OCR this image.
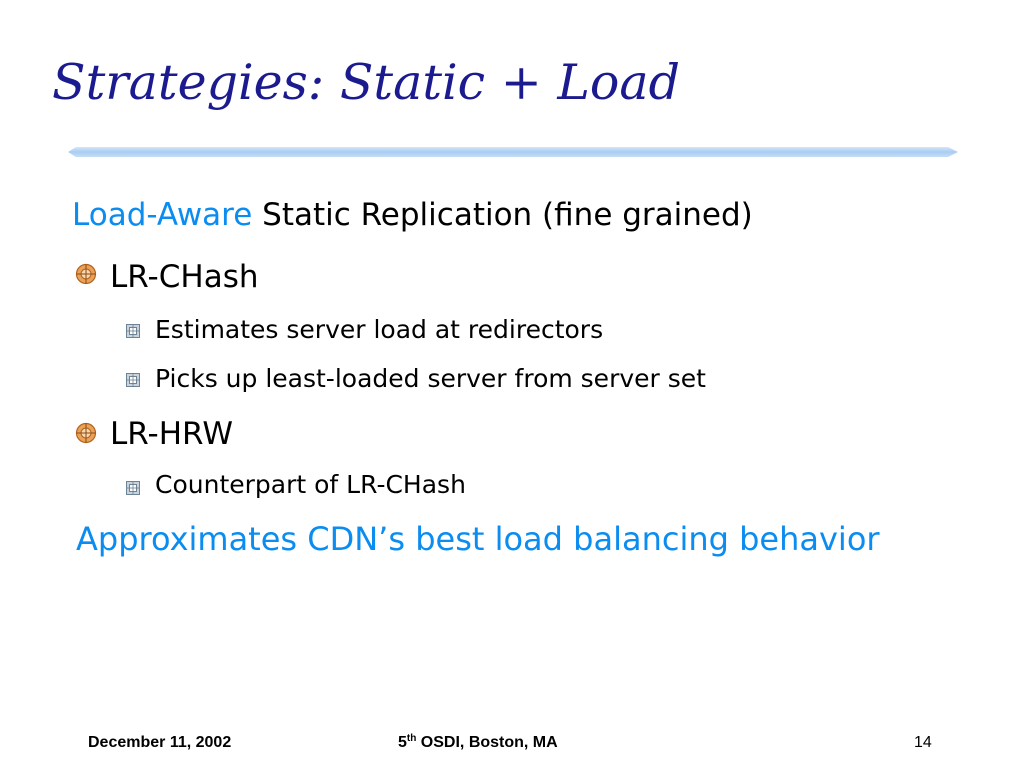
Strategies: Static + Load
Load-Aware Static Replication (fine grained)
LR-CHash
Estimates server load at redirectors
Picks up least-loaded server from server set
LR-HRW
Counterpart of LR-CHash
Approximates CDN’s best load balancing behavior
December 11, 2002	5th OSDI, Boston, MA	14
